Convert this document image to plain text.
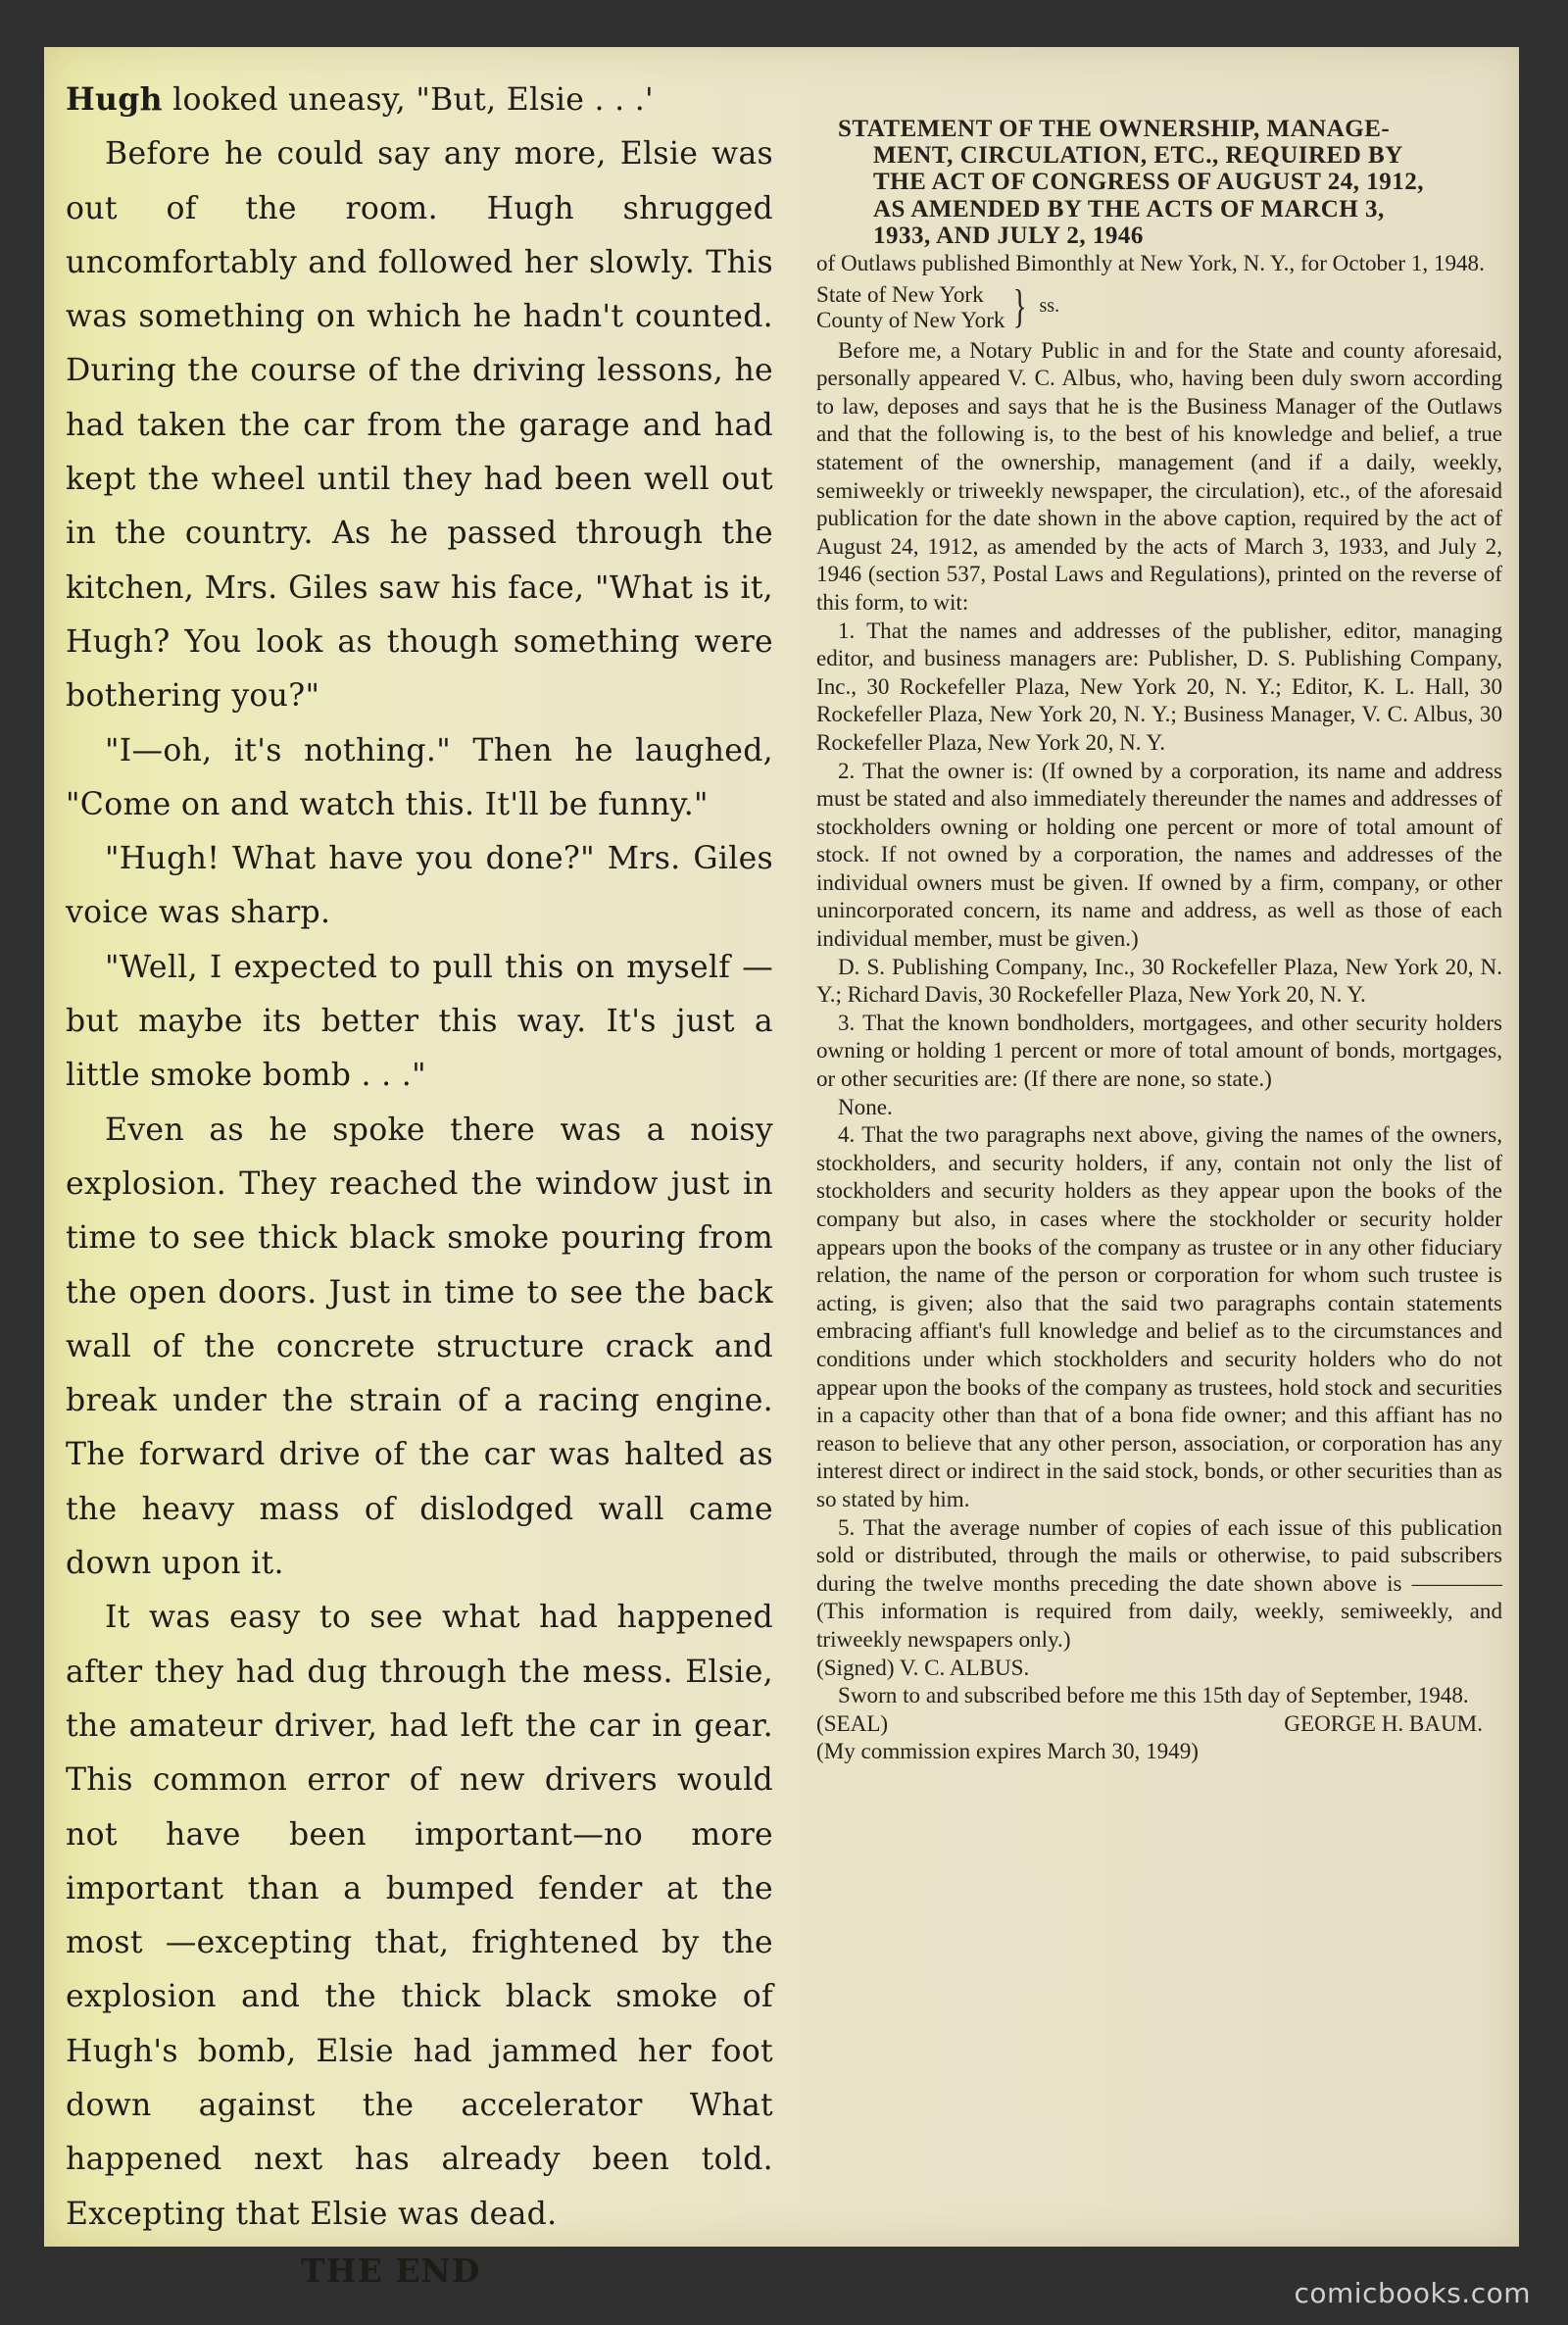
Hugh looked uneasy, "But, Elsie . . .'

Before he could say any more, Elsie was out of the room. Hugh shrugged uncomfortably and followed her slowly. This was something on which he hadn't counted. During the course of the driving lessons, he had taken the car from the garage and had kept the wheel until they had been well out in the country. As he passed through the kitchen, Mrs. Giles saw his face, "What is it, Hugh? You look as though something were bothering you?"

"I—oh, it's nothing." Then he laughed, "Come on and watch this. It'll be funny."

"Hugh! What have you done?" Mrs. Giles voice was sharp.

"Well, I expected to pull this on myself —but maybe its better this way. It's just a little smoke bomb . . ."

Even as he spoke there was a noisy explosion. They reached the window just in time to see thick black smoke pouring from the open doors. Just in time to see the back wall of the concrete structure crack and break under the strain of a racing engine. The forward drive of the car was halted as the heavy mass of dislodged wall came down upon it.

It was easy to see what had happened after they had dug through the mess. Elsie, the amateur driver, had left the car in gear. This common error of new drivers would not have been important—no more important than a bumped fender at the most —excepting that, frightened by the explosion and the thick black smoke of Hugh's bomb, Elsie had jammed her foot down against the accelerator What happened next has already been told. Excepting that Elsie was dead.

THE END
STATEMENT OF THE OWNERSHIP, MANAGE-
MENT, CIRCULATION, ETC., REQUIRED BY
THE ACT OF CONGRESS OF AUGUST 24, 1912,
AS AMENDED BY THE ACTS OF MARCH 3,
1933, AND JULY 2, 1946

of Outlaws published Bimonthly at New York, N. Y., for October 1, 1948.

State of New York
County of New York } ss.

Before me, a Notary Public in and for the State and county aforesaid, personally appeared V. C. Albus, who, having been duly sworn according to law, deposes and says that he is the Business Manager of the Outlaws and that the following is, to the best of his knowledge and belief, a true statement of the ownership, management (and if a daily, weekly, semiweekly or triweekly newspaper, the circulation), etc., of the aforesaid publication for the date shown in the above caption, required by the act of August 24, 1912, as amended by the acts of March 3, 1933, and July 2, 1946 (section 537, Postal Laws and Regulations), printed on the reverse of this form, to wit:

1. That the names and addresses of the publisher, editor, managing editor, and business managers are: Publisher, D. S. Publishing Company, Inc., 30 Rockefeller Plaza, New York 20, N. Y.; Editor, K. L. Hall, 30 Rockefeller Plaza, New York 20, N. Y.; Business Manager, V. C. Albus, 30 Rockefeller Plaza, New York 20, N. Y.

2. That the owner is: (If owned by a corporation, its name and address must be stated and also immediately thereunder the names and addresses of stockholders owning or holding one percent or more of total amount of stock. If not owned by a corporation, the names and addresses of the individual owners must be given. If owned by a firm, company, or other unincorporated concern, its name and address, as well as those of each individual member, must be given.)

D. S. Publishing Company, Inc., 30 Rockefeller Plaza, New York 20, N. Y.; Richard Davis, 30 Rockefeller Plaza, New York 20, N. Y.

3. That the known bondholders, mortgagees, and other security holders owning or holding 1 percent or more of total amount of bonds, mortgages, or other securities are: (If there are none, so state.)

None.

4. That the two paragraphs next above, giving the names of the owners, stockholders, and security holders, if any, contain not only the list of stockholders and security holders as they appear upon the books of the company but also, in cases where the stockholder or security holder appears upon the books of the company as trustee or in any other fiduciary relation, the name of the person or corporation for whom such trustee is acting, is given; also that the said two paragraphs contain statements embracing affiant's full knowledge and belief as to the circumstances and conditions under which stockholders and security holders who do not appear upon the books of the company as trustees, hold stock and securities in a capacity other than that of a bona fide owner; and this affiant has no reason to believe that any other person, association, or corporation has any interest direct or indirect in the said stock, bonds, or other securities than as so stated by him.

5. That the average number of copies of each issue of this publication sold or distributed, through the mails or otherwise, to paid subscribers during the twelve months preceding the date shown above is ———— (This information is required from daily, weekly, semiweekly, and triweekly newspapers only.)

(Signed) V. C. ALBUS.

Sworn to and subscribed before me this 15th day of September, 1948.

(SEAL)	GEORGE H. BAUM.

(My commission expires March 30, 1949)

comicbooks.com
